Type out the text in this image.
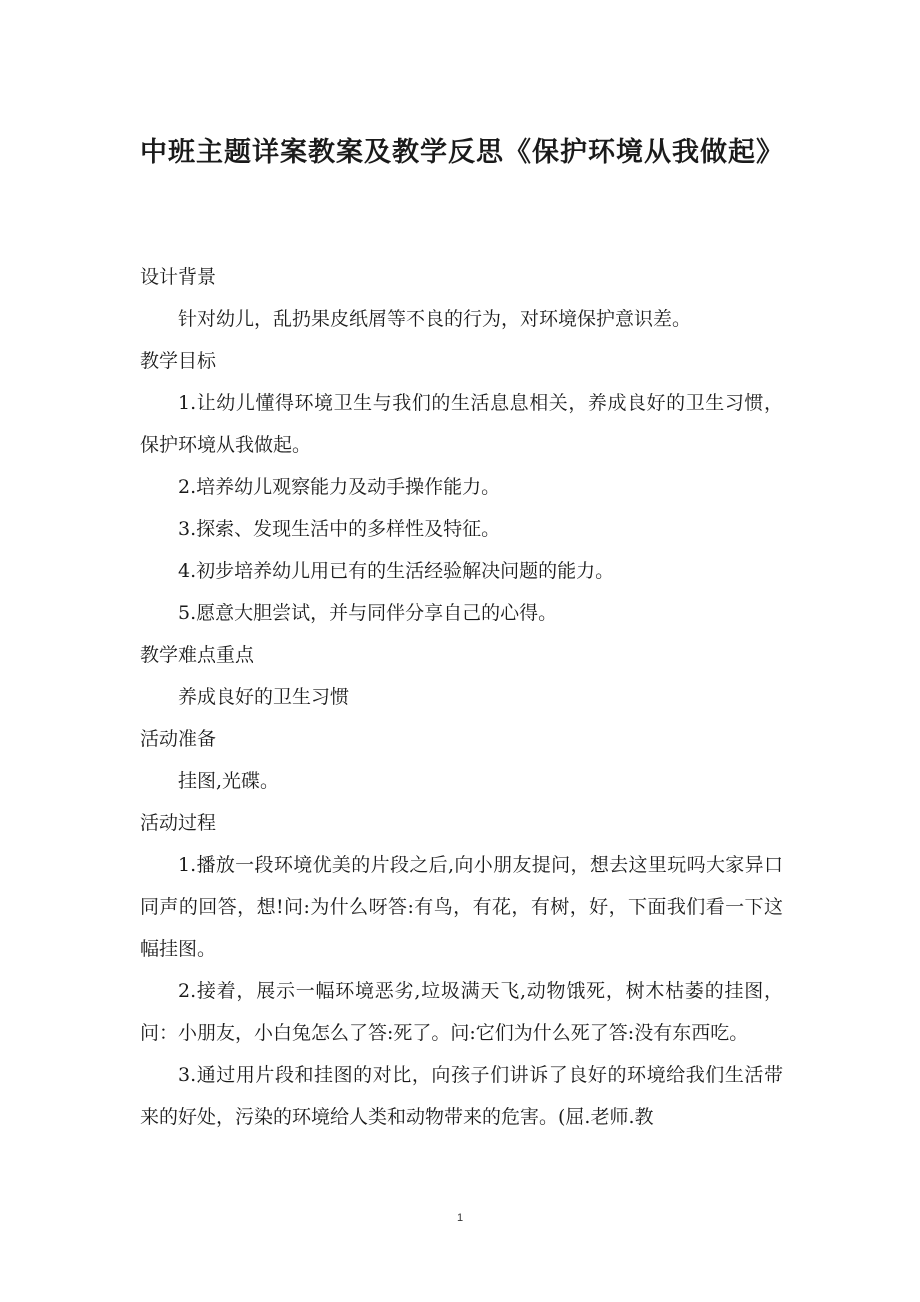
中班主题详案教案及教学反思《保护环境从我做起》

设计背景

针对幼儿，乱扔果皮纸屑等不良的行为，对环境保护意识差。

教学目标

1.让幼儿懂得环境卫生与我们的生活息息相关，养成良好的卫生习惯，保护环境从我做起。

2.培养幼儿观察能力及动手操作能力。

3.探索、发现生活中的多样性及特征。

4.初步培养幼儿用已有的生活经验解决问题的能力。

5.愿意大胆尝试，并与同伴分享自己的心得。

教学难点重点

养成良好的卫生习惯

活动准备

挂图,光碟。

活动过程

1.播放一段环境优美的片段之后,向小朋友提问，想去这里玩吗大家异口同声的回答，想!问:为什么呀答:有鸟，有花，有树，好，下面我们看一下这幅挂图。

2.接着，展示一幅环境恶劣,垃圾满天飞,动物饿死，树木枯萎的挂图，问：小朋友，小白兔怎么了答:死了。问:它们为什么死了答:没有东西吃。

3.通过用片段和挂图的对比，向孩子们讲诉了良好的环境给我们生活带来的好处，污染的环境给人类和动物带来的危害。(屈.老师.教

1
